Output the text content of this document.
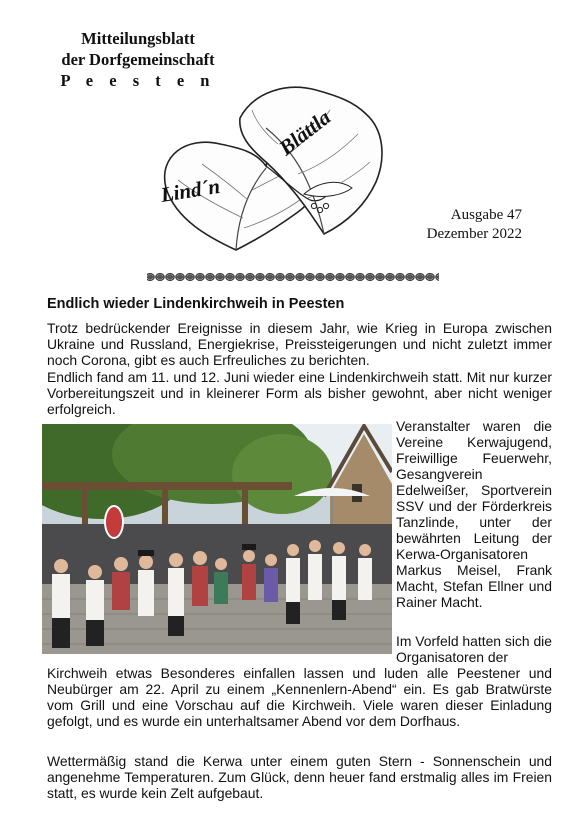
Mitteilungsblatt
der Dorfgemeinschaft
P e e s t e n
Lind´n
Blättla
Ausgabe 47
Dezember 2022
Endlich wieder Lindenkirchweih in Peesten
Trotz bedrückender Ereignisse in diesem Jahr, wie Krieg in Europa zwischen Ukraine und Russland, Energiekrise, Preissteigerungen und nicht zuletzt immer noch Corona, gibt es auch Erfreuliches zu berichten.
Endlich fand am 11. und 12. Juni wieder eine Lindenkirchweih statt. Mit nur kurzer Vorbereitungszeit und in kleinerer Form als bisher gewohnt, aber nicht weniger erfolgreich.
Veranstalter waren die Vereine Kerwajugend, Freiwillige Feuerwehr, Gesangverein Edelweißer, Sportverein SSV und der Förderkreis Tanzlinde, unter der bewährten Leitung der Kerwa-Organisatoren Markus Meisel, Frank Macht, Stefan Ellner und Rainer Macht.
Im Vorfeld hatten sich die Organisatoren der
Kirchweih etwas Besonderes einfallen lassen und luden alle Peestener und Neubürger am 22. April zu einem „Kennenlern-Abend“ ein. Es gab Bratwürste vom Grill und eine Vorschau auf die Kirchweih. Viele waren dieser Einladung gefolgt, und es wurde ein unterhaltsamer Abend vor dem Dorfhaus.
Wettermäßig stand die Kerwa unter einem guten Stern - Sonnenschein und angenehme Temperaturen. Zum Glück, denn heuer fand erstmalig alles im Freien statt, es wurde kein Zelt aufgebaut.
